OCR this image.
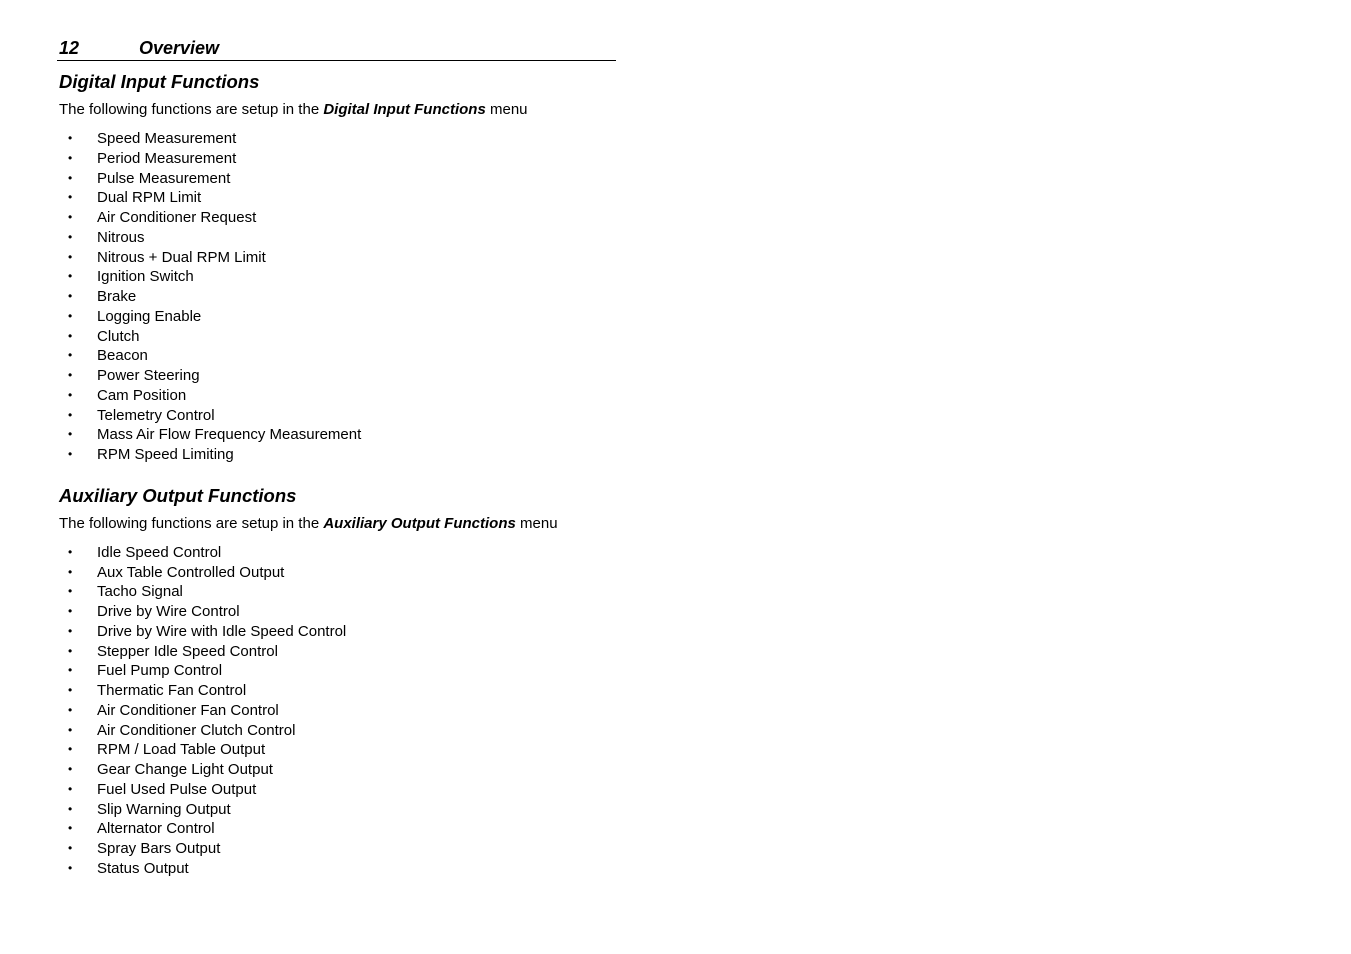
12	Overview
Digital Input Functions

The following functions are setup in the Digital Input Functions menu

• Speed Measurement
• Period Measurement
• Pulse Measurement
• Dual RPM Limit
• Air Conditioner Request
• Nitrous
• Nitrous + Dual RPM Limit
• Ignition Switch
• Brake
• Logging Enable
• Clutch
• Beacon
• Power Steering
• Cam Position
• Telemetry Control
• Mass Air Flow Frequency Measurement
• RPM Speed Limiting
Auxiliary Output Functions

The following functions are setup in the Auxiliary Output Functions menu

• Idle Speed Control
• Aux Table Controlled Output
• Tacho Signal
• Drive by Wire Control
• Drive by Wire with Idle Speed Control
• Stepper Idle Speed Control
• Fuel Pump Control
• Thermatic Fan Control
• Air Conditioner Fan Control
• Air Conditioner Clutch Control
• RPM / Load Table Output
• Gear Change Light Output
• Fuel Used Pulse Output
• Slip Warning Output
• Alternator Control
• Spray Bars Output
• Status Output
